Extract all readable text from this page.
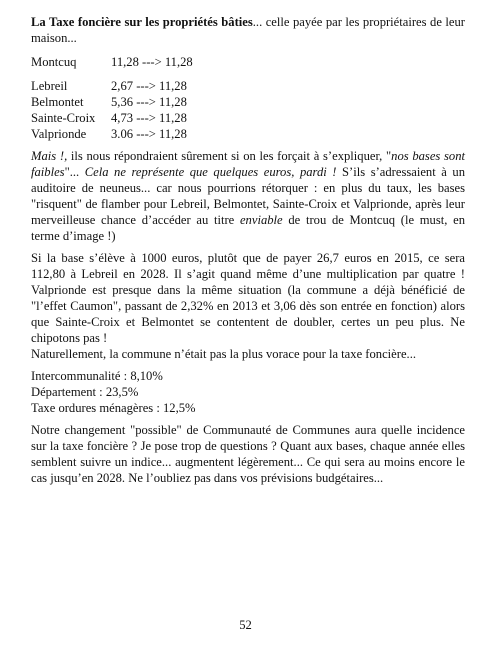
La Taxe foncière sur les propriétés bâties... celle payée par les propriétaires de leur maison...

Montcuq	11,28 ---> 11,28
Lebreil	2,67 ---> 11,28
Belmontet	5,36 ---> 11,28
Sainte-Croix	4,73 ---> 11,28
Valprionde	3.06 ---> 11,28

Mais !, ils nous répondraient sûrement si on les forçait à s’expliquer, "nos bases sont faibles"... Cela ne représente que quelques euros, pardi ! S’ils s’adressaient à un auditoire de neuneus... car nous pourrions rétorquer : en plus du taux, les bases "risquent" de flamber pour Lebreil, Belmontet, Sainte-Croix et Valprionde, après leur merveilleuse chance d’accéder au titre enviable de trou de Montcuq (le must, en terme d’image !)

Si la base s’élève à 1000 euros, plutôt que de payer 26,7 euros en 2015, ce sera 112,80 à Lebreil en 2028. Il s’agit quand même d’une multiplication par quatre ! Valprionde est presque dans la même situation (la commune a déjà bénéficié de "l’effet Caumon", passant de 2,32% en 2013 et 3,06 dès son entrée en fonction) alors que Sainte-Croix et Belmontet se contentent de doubler, certes un peu plus. Ne chipotons pas !

Naturellement, la commune n’était pas la plus vorace pour la taxe foncière...

Intercommunalité : 8,10%

Département : 23,5%

Taxe ordures ménagères : 12,5%

Notre changement "possible" de Communauté de Communes aura quelle incidence sur la taxe foncière ? Je pose trop de questions ? Quant aux bases, chaque année elles semblent suivre un indice... augmentent légèrement... Ce qui sera au moins encore le cas jusqu’en 2028. Ne l’oubliez pas dans vos prévisions budgétaires...

52
